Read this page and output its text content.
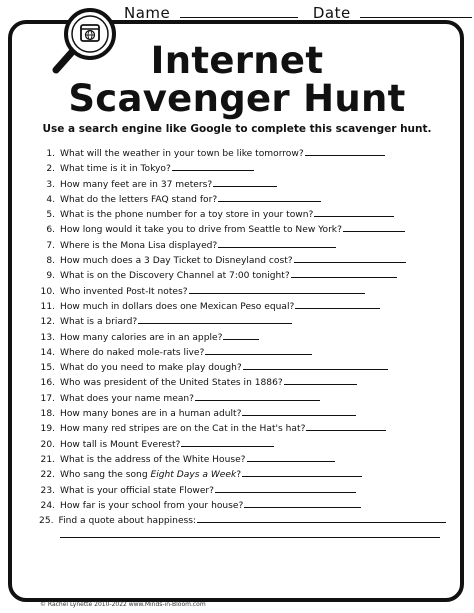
Name	Date
Internet
Scavenger Hunt
Use a search engine like Google to complete this scavenger hunt.
1. What will the weather in your town be like tomorrow?
2. What time is it in Tokyo?
3. How many feet are in 37 meters?
4. What do the letters FAQ stand for?
5. What is the phone number for a toy store in your town?
6. How long would it take you to drive from Seattle to New York?
7. Where is the Mona Lisa displayed?
8. How much does a 3 Day Ticket to Disneyland cost?
9. What is on the Discovery Channel at 7:00 tonight?
10. Who invented Post-It notes?
11. How much in dollars does one Mexican Peso equal?
12. What is a briard?
13. How many calories are in an apple?
14. Where do naked mole-rats live?
15. What do you need to make play dough?
16. Who was president of the United States in 1886?
17. What does your name mean?
18. How many bones are in a human adult?
19. How many red stripes are on the Cat in the Hat's hat?
20. How tall is Mount Everest?
21. What is the address of the White House?
22. Who sang the song Eight Days a Week?
23. What is your official state Flower?
24. How far is your school from your house?
25. Find a quote about happiness:
© Rachel Lynette 2010-2022 www.Minds-in-Bloom.com
